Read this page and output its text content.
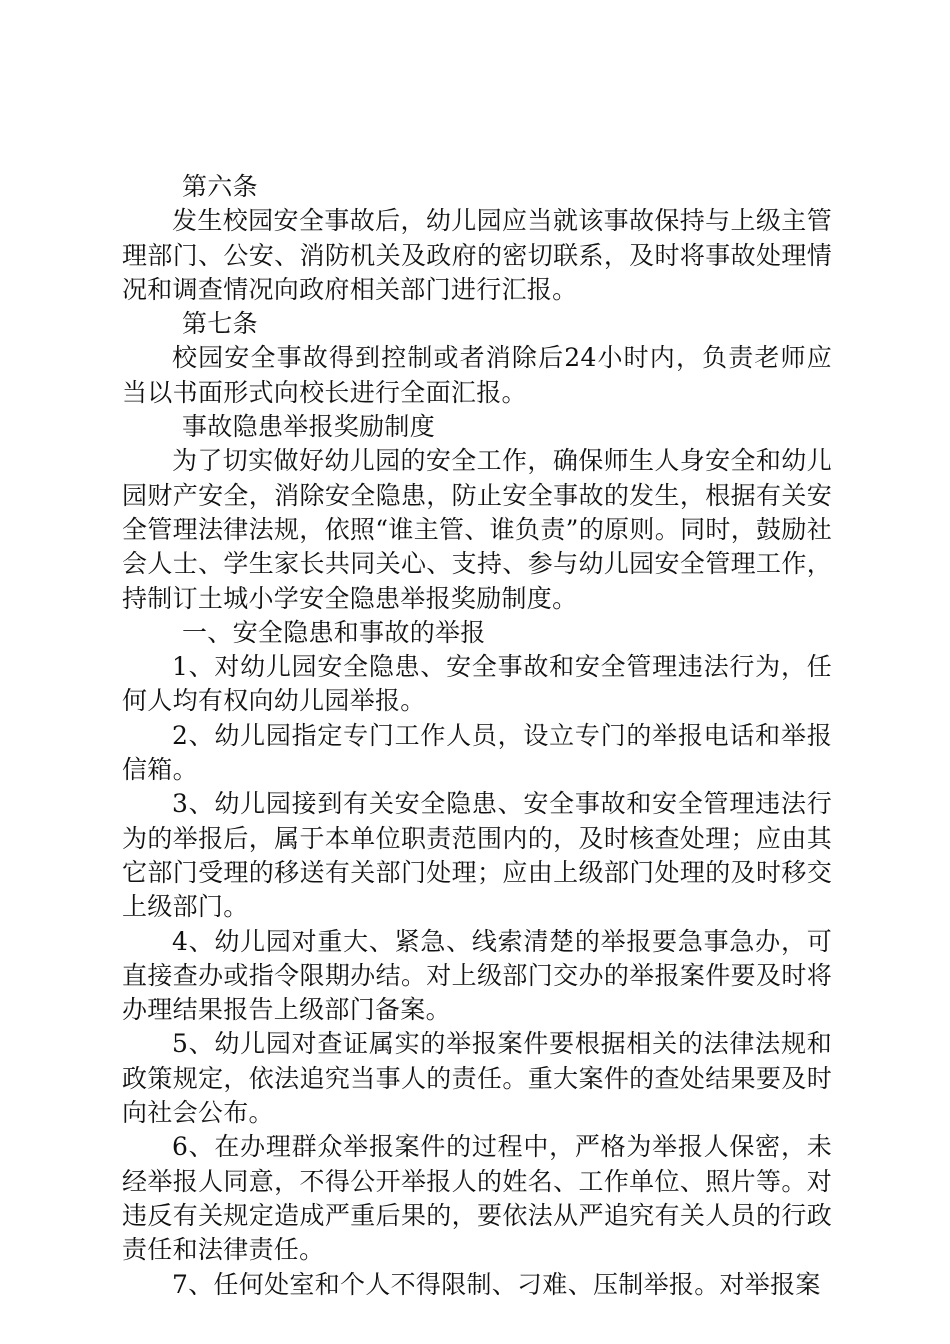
第六条

发生校园安全事故后，幼儿园应当就该事故保持与上级主管理部门、公安、消防机关及政府的密切联系，及时将事故处理情况和调查情况向政府相关部门进行汇报。

第七条

校园安全事故得到控制或者消除后24小时内，负责老师应当以书面形式向校长进行全面汇报。

事故隐患举报奖励制度

为了切实做好幼儿园的安全工作，确保师生人身安全和幼儿园财产安全，消除安全隐患，防止安全事故的发生，根据有关安全管理法律法规，依照“谁主管、谁负责”的原则。同时，鼓励社会人士、学生家长共同关心、支持、参与幼儿园安全管理工作，持制订土城小学安全隐患举报奖励制度。

一、安全隐患和事故的举报

1、对幼儿园安全隐患、安全事故和安全管理违法行为，任何人均有权向幼儿园举报。

2、幼儿园指定专门工作人员，设立专门的举报电话和举报信箱。

3、幼儿园接到有关安全隐患、安全事故和安全管理违法行为的举报后，属于本单位职责范围内的，及时核查处理；应由其它部门受理的移送有关部门处理；应由上级部门处理的及时移交上级部门。

4、幼儿园对重大、紧急、线索清楚的举报要急事急办，可直接查办或指令限期办结。对上级部门交办的举报案件要及时将办理结果报告上级部门备案。

5、幼儿园对查证属实的举报案件要根据相关的法律法规和政策规定，依法追究当事人的责任。重大案件的查处结果要及时向社会公布。

6、在办理群众举报案件的过程中，严格为举报人保密，未经举报人同意，不得公开举报人的姓名、工作单位、照片等。对违反有关规定造成严重后果的，要依法从严追究有关人员的行政责任和法律责任。

7、任何处室和个人不得限制、刁难、压制举报。对举报案
